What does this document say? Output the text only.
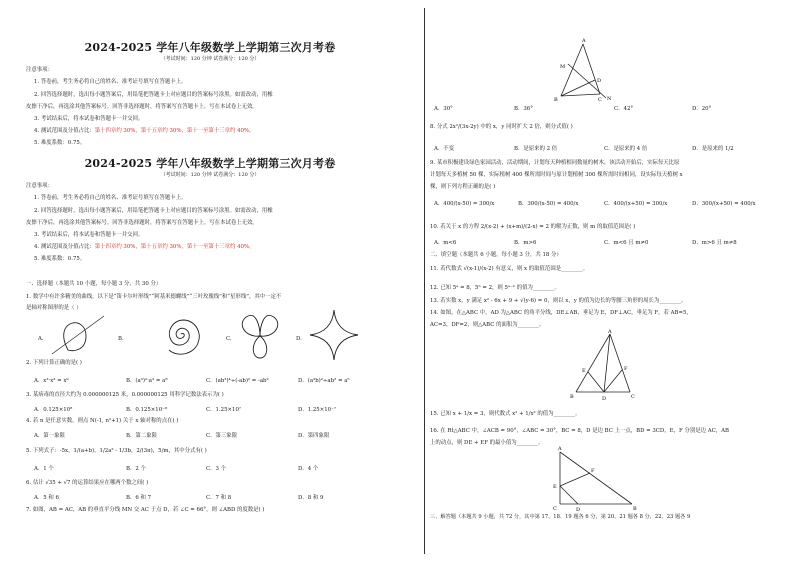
2024-2025 学年八年级数学上学期第三次月考卷
（考试时间：120 分钟 试卷满分：120 分）
注意事项：
1. 答卷前，考生务必将自己的姓名、准考证号填写在答题卡上。
2. 回答选择题时，选出每小题答案后，用铅笔把答题卡上对应题目的答案标号涂黑。如需改动，用橡
皮擦干净后，再选涂其他答案标号。回答非选择题时，将答案写在答题卡上。写在本试卷上无效。
3. 考试结束后，将本试卷和答题卡一并交回。
4. 测试范围及分值占比：第十四章约 30%，第十五章约 30%，第十一至第十三章约 40%。
5. 难度系数：0.75。
2024-2025 学年八年级数学上学期第三次月考卷
（考试时间：120 分钟 试卷满分：120 分）
注意事项：
1. 答卷前，考生务必将自己的姓名、准考证号填写在答题卡上。
2. 回答选择题时，选出每小题答案后，用铅笔把答题卡上对应题目的答案标号涂黑。如需改动，用橡
皮擦干净后，再选涂其他答案标号。回答非选择题时，将答案写在答题卡上。写在本试卷上无效。
3. 考试结束后，将本试卷和答题卡一并交回。
4. 测试范围及分值占比：第十四章约 30%，第十五章约 30%，第十一至第十三章约 40%。
5. 难度系数：0.75。
一、选择题（本题共 10 小题，每小题 3 分，共 30 分）
1. 数学中有许多精美的曲线，以下是“笛卡尔叶形线”“阿基米德螺线”“三叶玫瑰线”和“星形线”，其中一定不
是轴对称图形的是（ ）
A.	B.	C.	D.
2. 下列计算正确的是( )
A．x³·x³ = x⁹	B．(a³)²·a³ = a⁸	C．(ab³)⁴÷(-ab)² = -ab²	D．(a³b)²÷ab² = a⁵
3. 某病毒的直径大约为 0.000000125 米，0.000000125 用科学记数法表示为( )
A．0.125×10⁸	B．0.125×10⁻⁸	C．1.25×10⁷	D．1.25×10⁻⁷
4. 若 n 是任意实数，则点 N(-1, n²+1) 关于 x 轴对称的点在( )
A．第一象限	B．第二象限	C．第三象限	D．第四象限
5. 下列式子：-5x，1/(a+b)，1/2a² - 1/3b，2/(3π)，5/m，其中分式有( )
A．1 个	B．2 个	C．3 个	D．4 个
6. 估计 √35 + √7 的运算结果应在哪两个数之间( )
A．5 和 6	B．6 和 7	C．7 和 8	D．8 和 9
7. 如图，AB = AC，AB 的垂直平分线 MN 交 AC 于点 D，若 ∠C = 66°，则 ∠ABD 的度数是( )
A
M
D
B	C N
A．30°	B．36°	C．42°	D．20°
8. 分式 2x²/(3x-2y) 中的 x，y 同时扩大 2 倍，则分式值( )
A．不变	B．是原来的 2 倍	C．是原来的 4 倍	D．是原来的 1/2
9. 某市积极建设绿色家园活动，活动期间，计划每天种植相同数量的树木，该活动开始后，实际每天比原
计划每天多植树 50 棵，实际植树 400 棵所需时间与原计划植树 300 棵所需时间相同，设实际每天植树 x
棵，则下列方程正确的是( )
A．400/(x-50) = 300/x	B．300/(x-50) = 400/x	C．400/(x+50) = 300/x	D．300/(x+50) = 400/x
10. 若关于 x 的方程 2/(x-2) + (x+m)/(2-x) = 2 的解为正数，则 m 的取值范围是( )
A．m<6	B．m>6	C．m<6 且 m≠0	D．m>6 且 m≠8
二、填空题（本题共 6 小题，每小题 3 分，共 18 分）
11. 若代数式 √(x-1)/(x-2) 有意义，则 x 的取值范围是________。
12. 已知 5ᵃ = 8，5ᵇ = 2，则 5ᵃ⁻ᵇ 的值为________。
13. 若实数 x，y 满足 x² - 6x + 9 + √(y-6) = 0，则以 x，y 的值为边长的等腰三角形的周长为________。
14. 如图，在△ABC 中，AD 为△ABC 的角平分线，DE⊥AB，垂足为 E，DF⊥AC，垂足为 F，若 AB=5，
AC=3，DF=2，则△ABC 的面积为________。
A
E	F
B	D	C
15. 已知 x + 1/x = 3，则代数式 x² + 1/x² 的值为________。
16. 在 Rt△ABC 中，∠ACB = 90°，∠ABC = 30°，BC = 8，D 是边 BC 上一点，BD = 3CD，E，F 分别是边 AC，AB
上的动点，则 DE + EF 的最小值为________。
A
F
E
C	D	B
三、解答题（本题共 9 小题，共 72 分，其中第 17、18、19 题各 6 分，第 20、21 题各 8 分，22、23 题各 9
